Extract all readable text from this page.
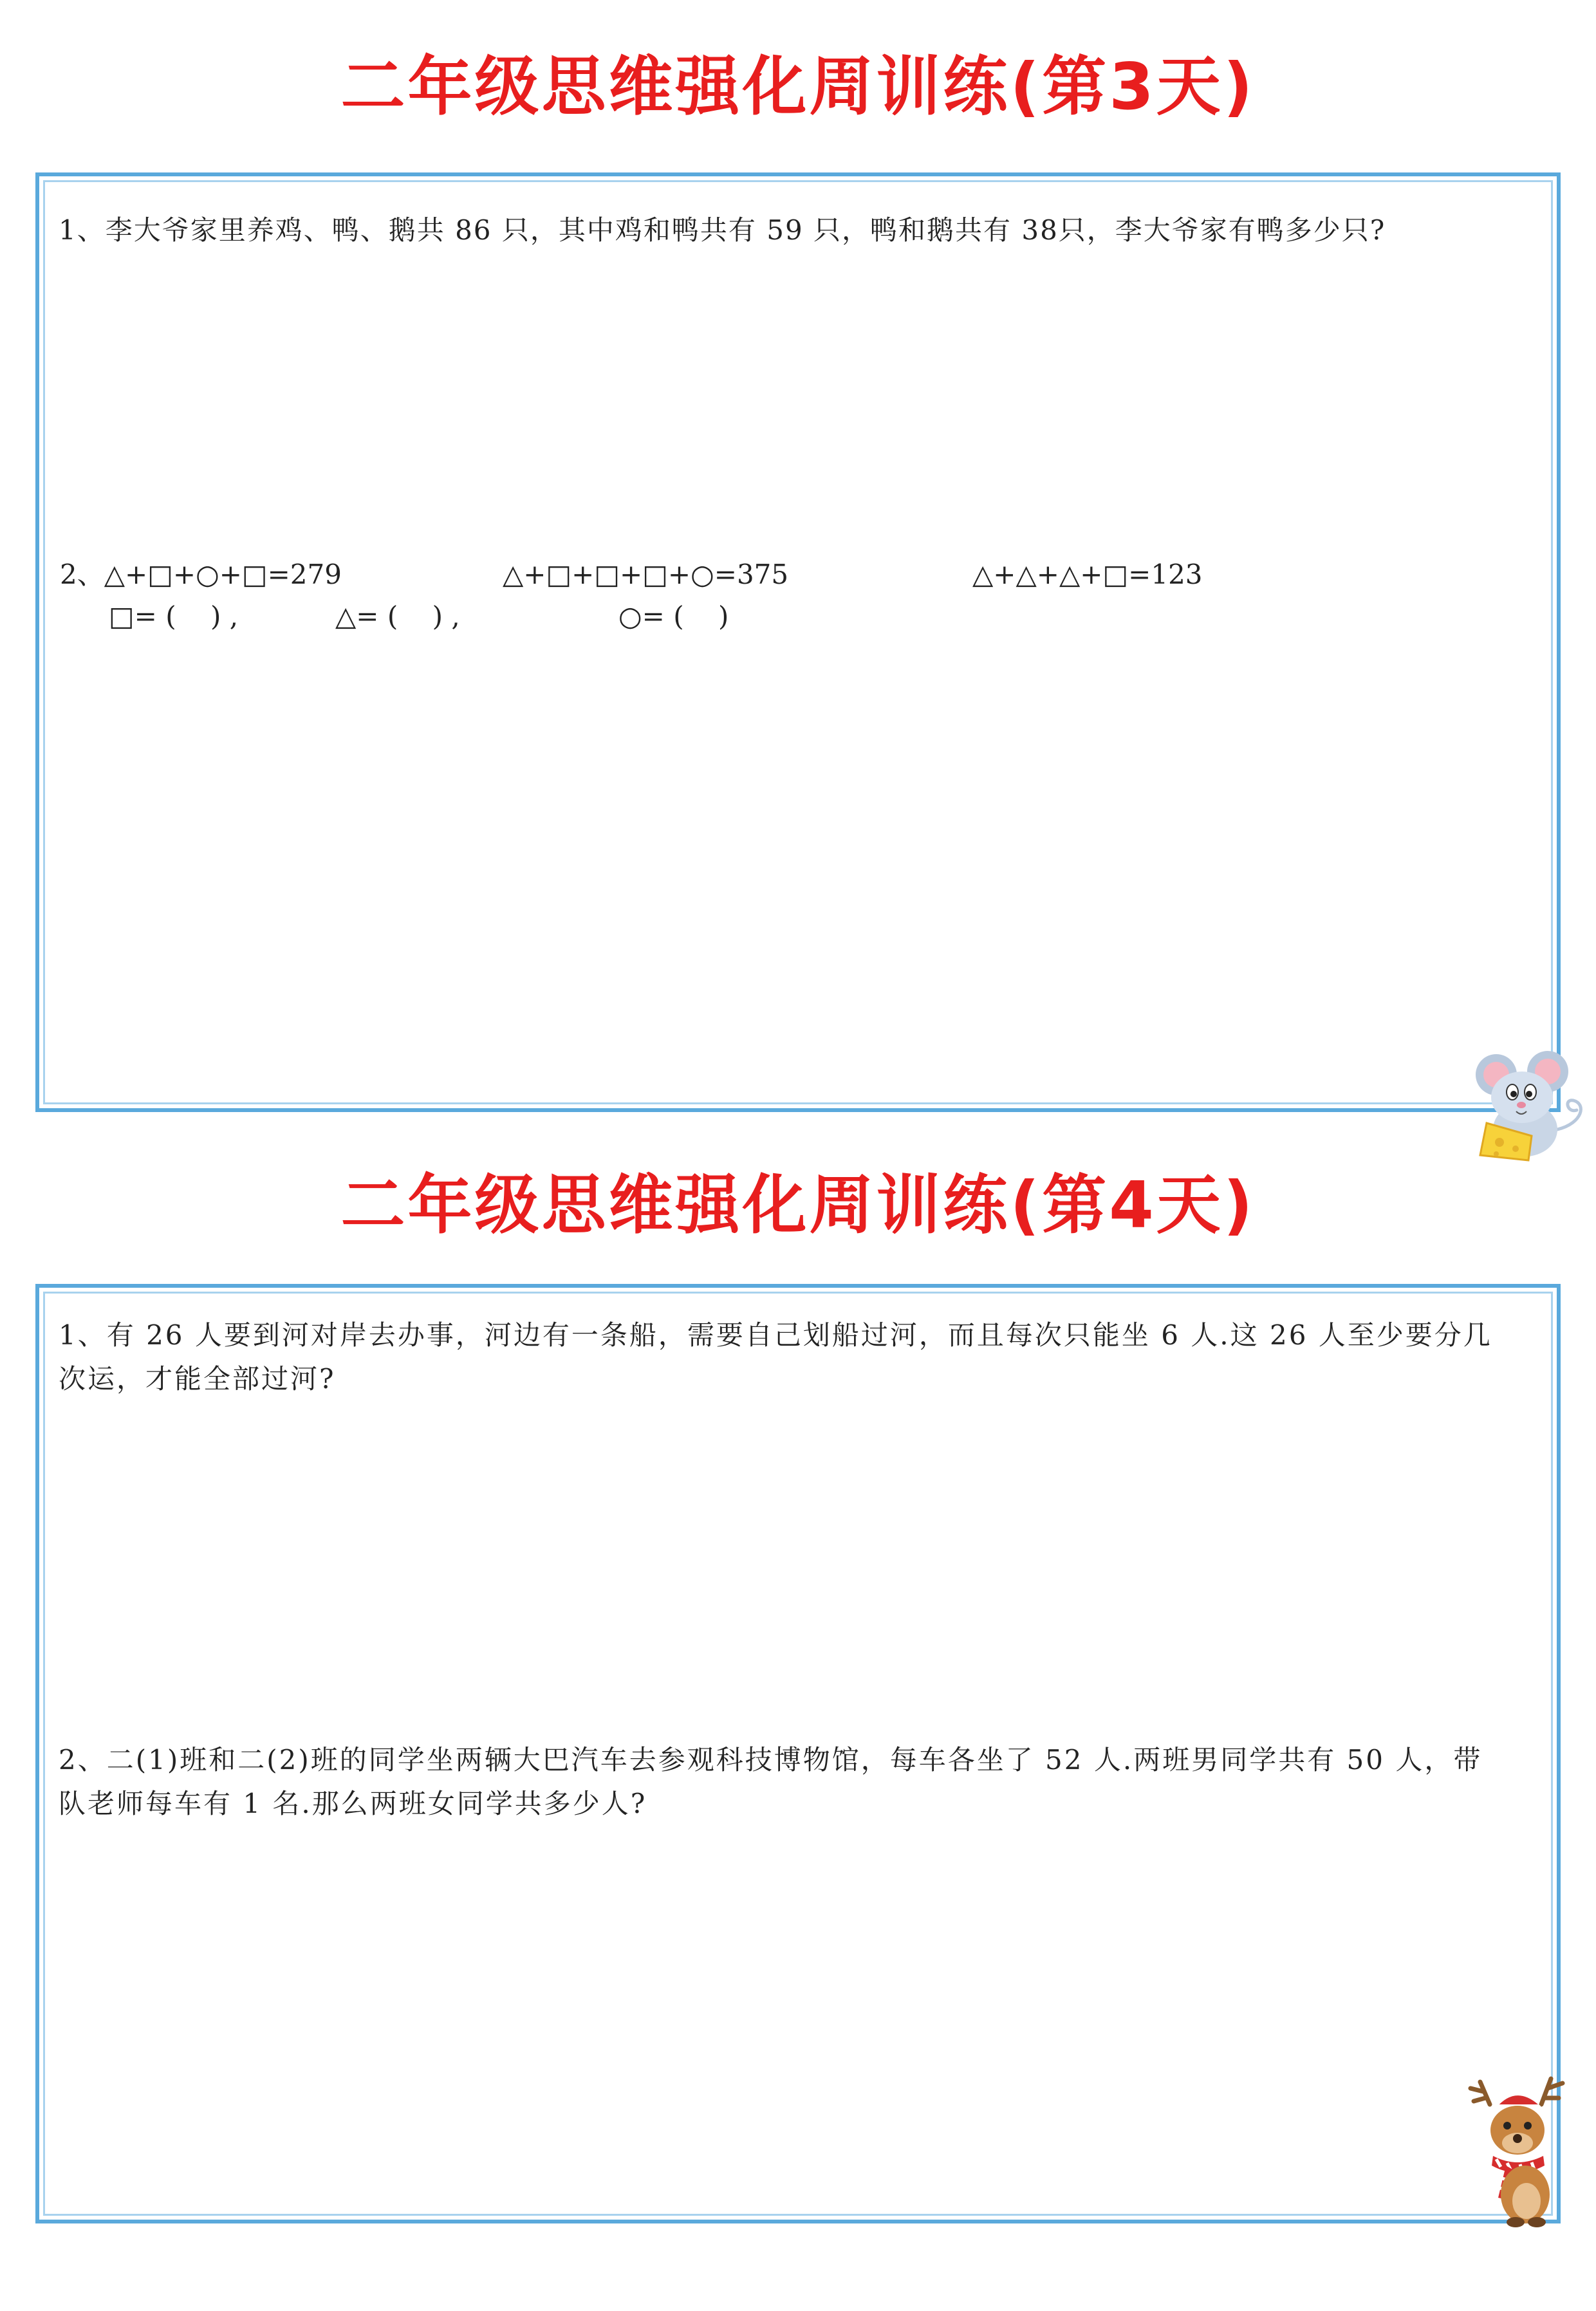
二年级思维强化周训练(第3天)
1、李大爷家里养鸡、鸭、鹅共 86 只，其中鸡和鸭共有 59 只，鸭和鹅共有 38只，李大爷家有鸭多少只?
2、△+□+○+□=279	△+□+□+□+○=375	△+△+△+□=123
□= (    ) ,	△= (    ) ,	○= (    )
二年级思维强化周训练(第4天)
1、有 26 人要到河对岸去办事，河边有一条船，需要自己划船过河，而且每次只能坐 6 人.这 26 人至少要分几次运，才能全部过河?
2、二(1)班和二(2)班的同学坐两辆大巴汽车去参观科技博物馆，每车各坐了 52 人.两班男同学共有 50 人，带队老师每车有 1 名.那么两班女同学共多少人?
